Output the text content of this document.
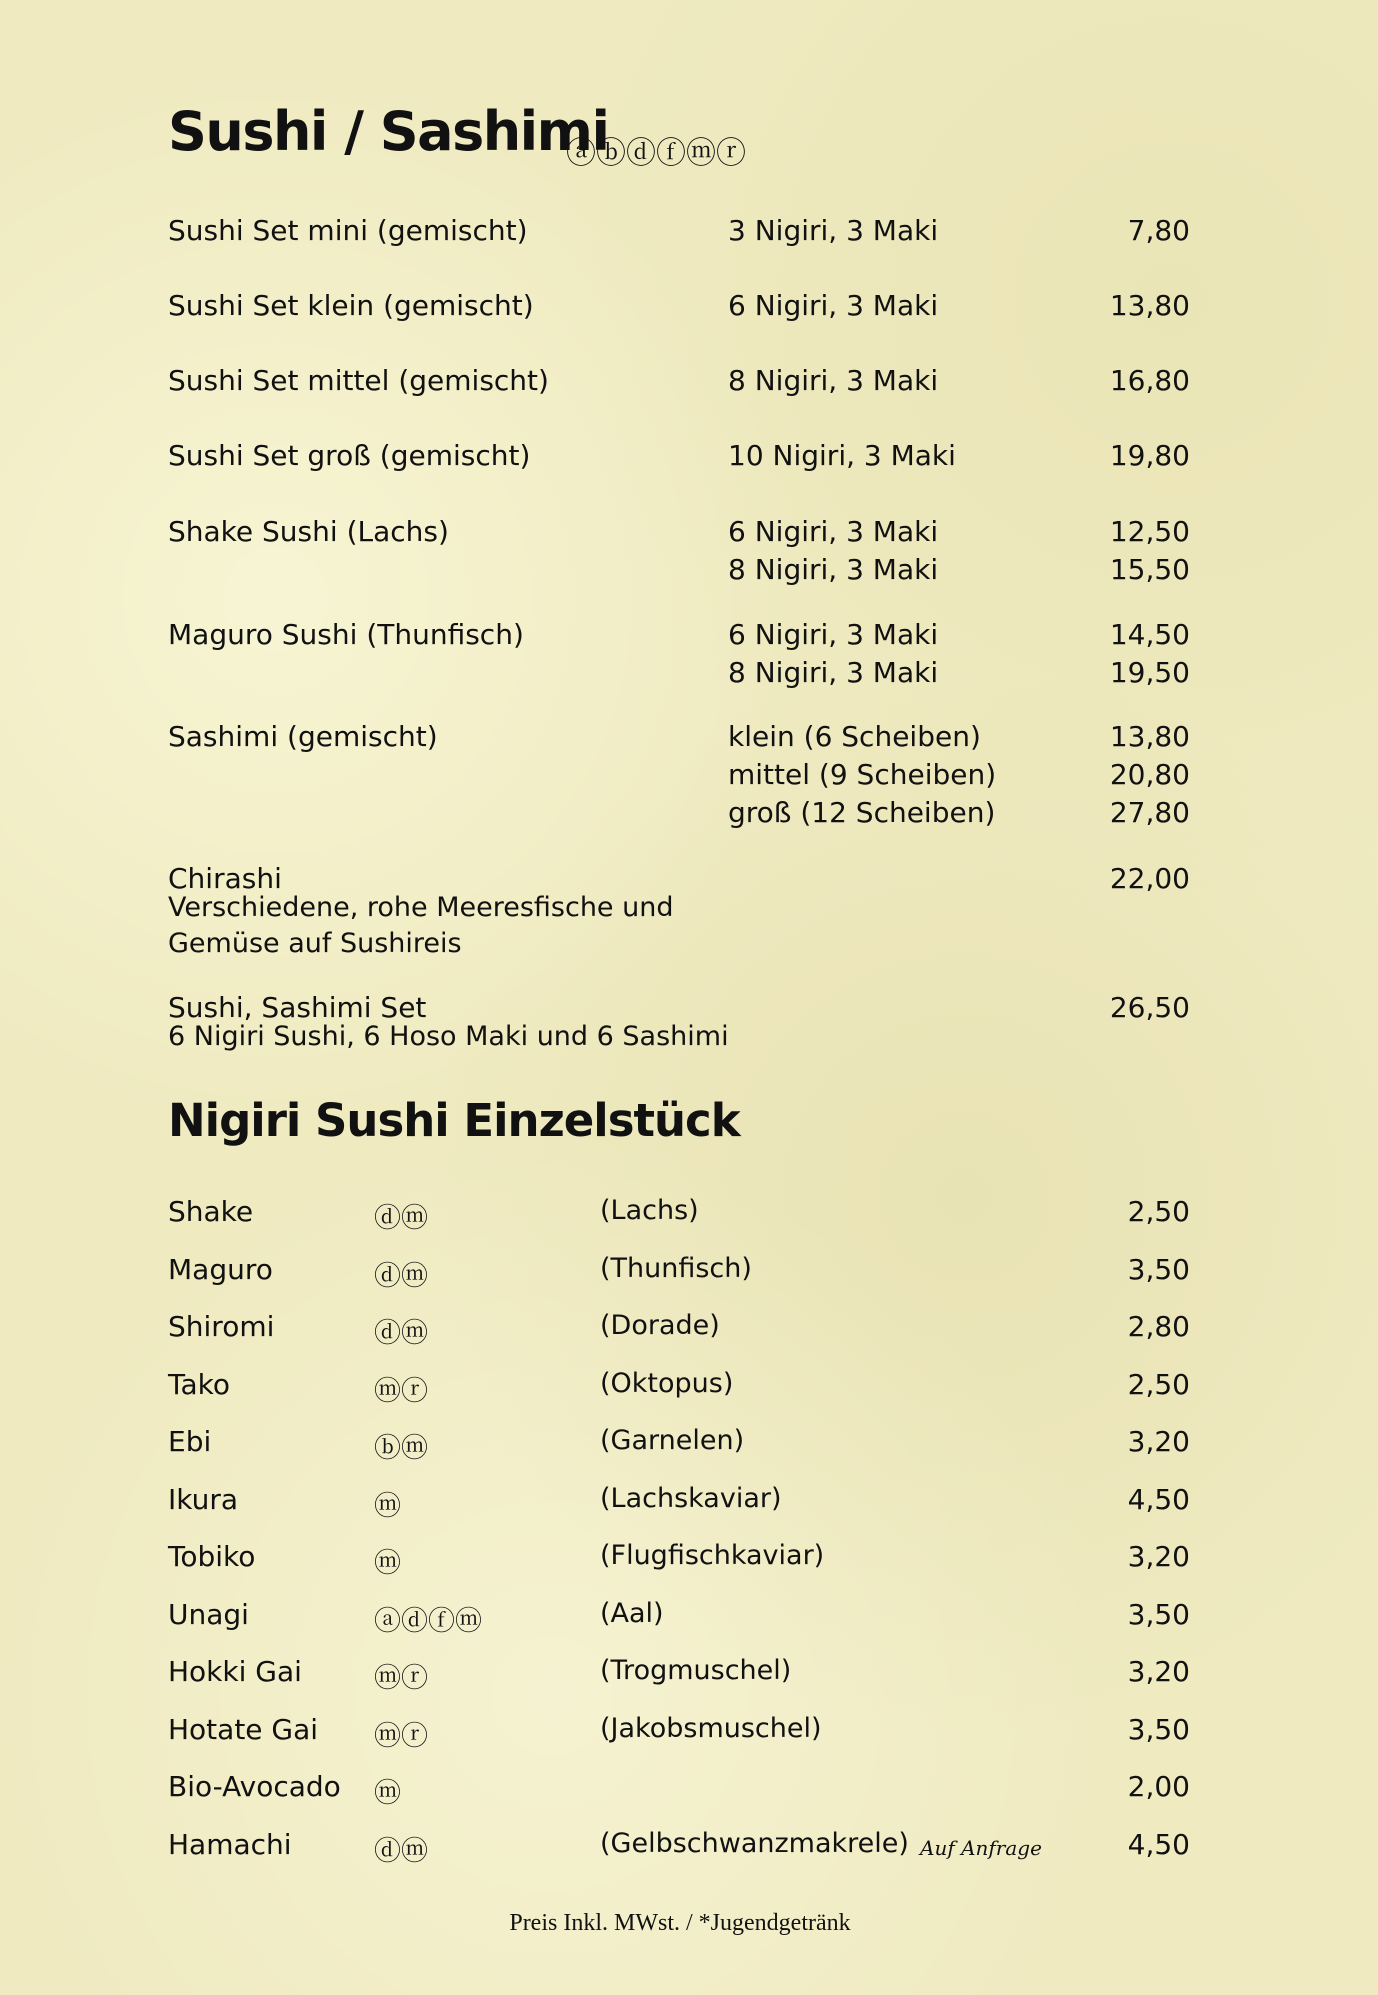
Sushi / Sashimi
ⓐⓑⓓⓕⓜⓡ
Sushi Set mini (gemischt)	3 Nigiri, 3 Maki	7,80
Sushi Set klein (gemischt)	6 Nigiri, 3 Maki	13,80
Sushi Set mittel (gemischt)	8 Nigiri, 3 Maki	16,80
Sushi Set groß (gemischt)	10 Nigiri, 3 Maki	19,80
Shake Sushi (Lachs)	6 Nigiri, 3 Maki	12,50
8 Nigiri, 3 Maki	15,50
Maguro Sushi (Thunfisch)	6 Nigiri, 3 Maki	14,50
8 Nigiri, 3 Maki	19,50
Sashimi (gemischt)	klein (6 Scheiben)	13,80
mittel (9 Scheiben)	20,80
groß (12 Scheiben)	27,80
Chirashi	22,00
Verschiedene, rohe Meeresfische und
Gemüse auf Sushireis
Sushi, Sashimi Set	26,50
6 Nigiri Sushi, 6 Hoso Maki und 6 Sashimi
Nigiri Sushi Einzelstück
Shake	ⓓⓜ	(Lachs)	2,50
Maguro	ⓓⓜ	(Thunfisch)	3,50
Shiromi	ⓓⓜ	(Dorade)	2,80
Tako	ⓜⓡ	(Oktopus)	2,50
Ebi	ⓑⓜ	(Garnelen)	3,20
Ikura	ⓜ	(Lachskaviar)	4,50
Tobiko	ⓜ	(Flugfischkaviar)	3,20
Unagi	ⓐⓓⓕⓜ	(Aal)	3,50
Hokki Gai	ⓜⓡ	(Trogmuschel)	3,20
Hotate Gai ⓜⓡ	(Jakobsmuschel)	3,50
Bio-Avocado ⓜ	2,00
Hamachi	ⓓⓜ	(Gelbschwanzmakrele) Auf Anfrage	4,50
Preis Inkl. MWst. / *Jugendgetränk
